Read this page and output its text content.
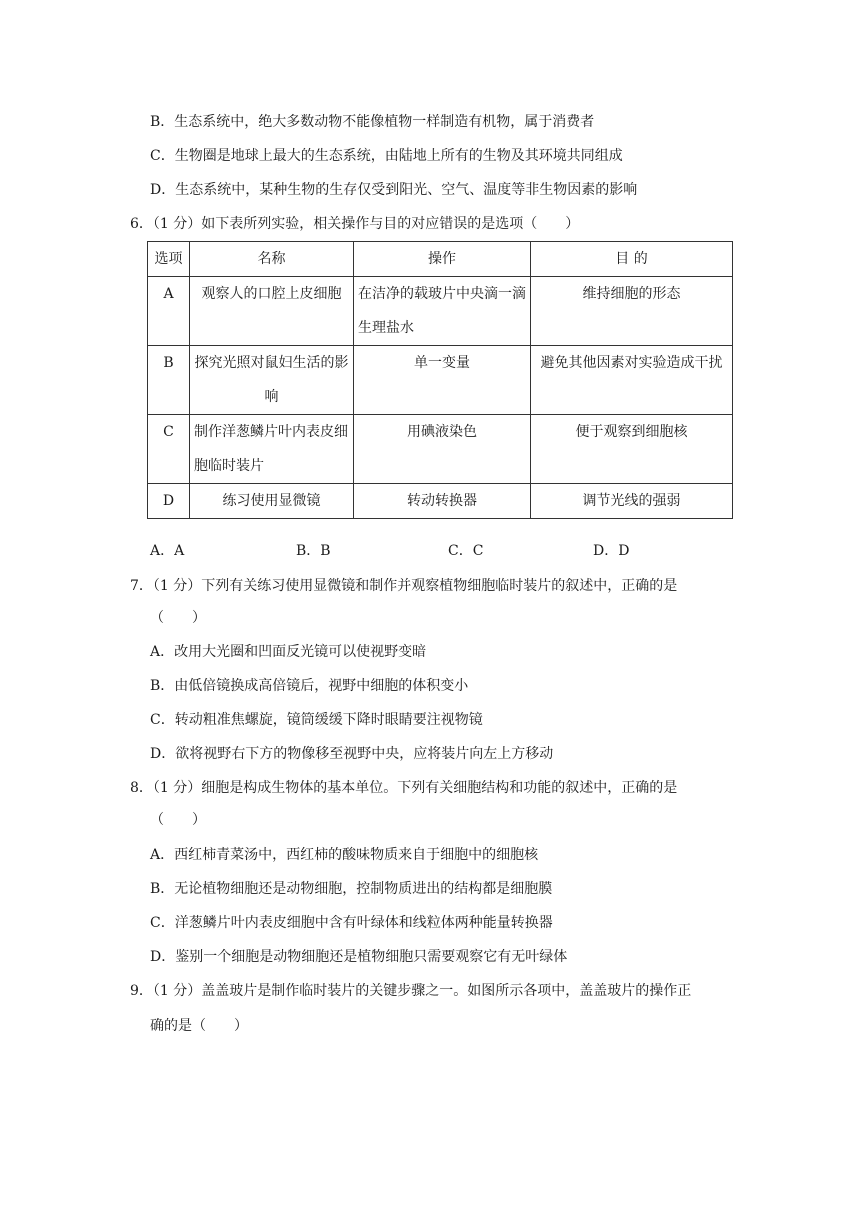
B．生态系统中，绝大多数动物不能像植物一样制造有机物，属于消费者
C．生物圈是地球上最大的生态系统，由陆地上所有的生物及其环境共同组成
D．生态系统中，某种生物的生存仅受到阳光、空气、温度等非生物因素的影响
6．（1 分）如下表所列实验，相关操作与目的对应错误的是选项（　　）
选项	名称	操作	目 的
A	观察人的口腔上皮细胞	在洁净的载玻片中央滴一滴生理盐水	维持细胞的形态
B	探究光照对鼠妇生活的影响	单一变量	避免其他因素对实验造成干扰
C	制作洋葱鳞片叶内表皮细胞临时装片	用碘液染色	便于观察到细胞核
D	练习使用显微镜	转动转换器	调节光线的强弱
A．A	B．B	C．C	D．D
7．（1 分）下列有关练习使用显微镜和制作并观察植物细胞临时装片的叙述中，正确的是
（　　）
A．改用大光圈和凹面反光镜可以使视野变暗
B．由低倍镜换成高倍镜后，视野中细胞的体积变小
C．转动粗准焦螺旋，镜筒缓缓下降时眼睛要注视物镜
D．欲将视野右下方的物像移至视野中央，应将装片向左上方移动
8．（1 分）细胞是构成生物体的基本单位。下列有关细胞结构和功能的叙述中，正确的是
（　　）
A．西红柿青菜汤中，西红柿的酸味物质来自于细胞中的细胞核
B．无论植物细胞还是动物细胞，控制物质进出的结构都是细胞膜
C．洋葱鳞片叶内表皮细胞中含有叶绿体和线粒体两种能量转换器
D．鉴别一个细胞是动物细胞还是植物细胞只需要观察它有无叶绿体
9．（1 分）盖盖玻片是制作临时装片的关键步骤之一。如图所示各项中，盖盖玻片的操作正
确的是（　　）
